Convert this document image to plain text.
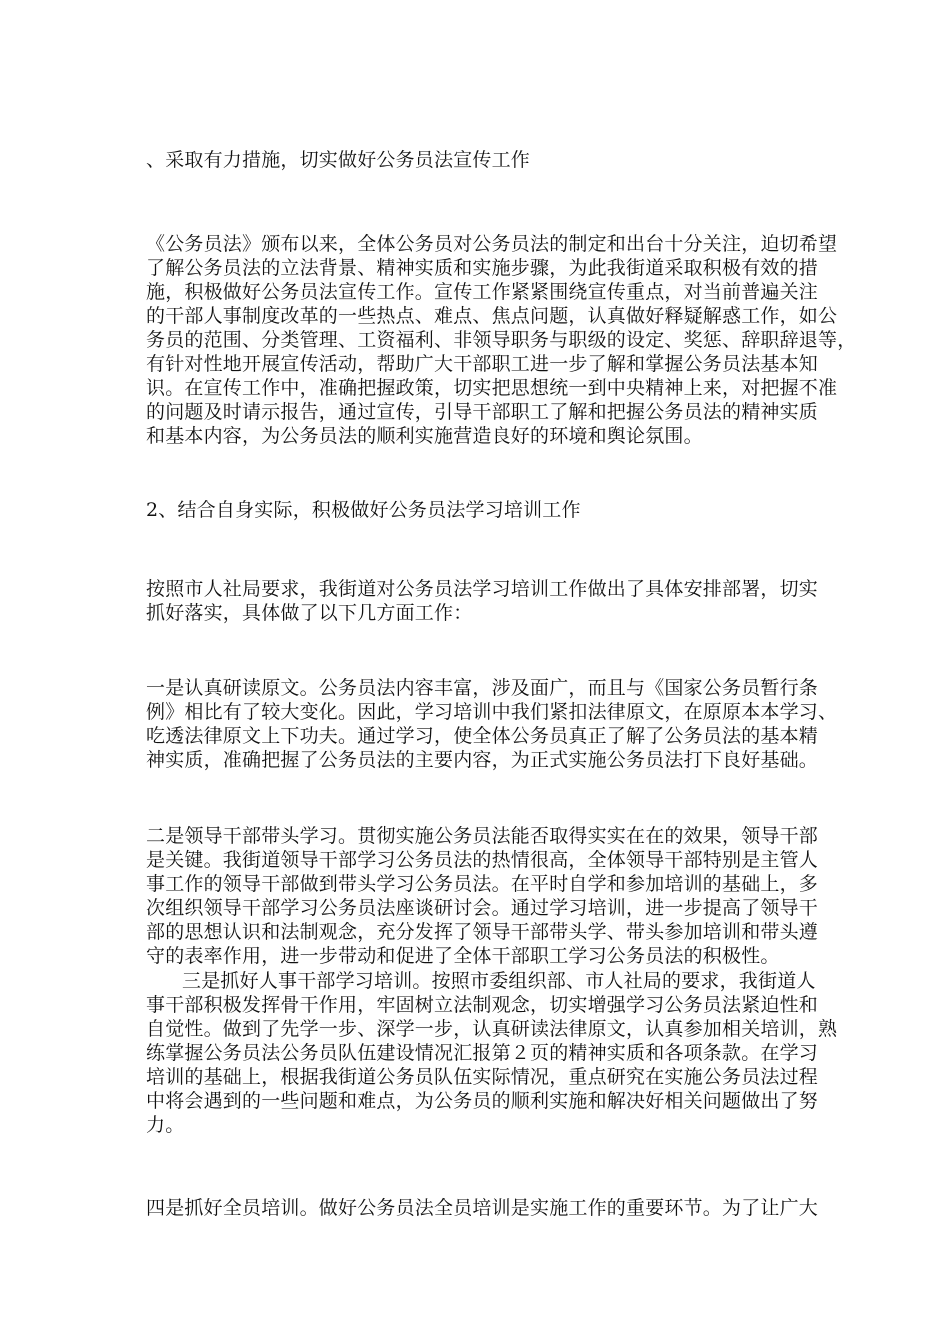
、采取有力措施，切实做好公务员法宣传工作
《公务员法》颁布以来，全体公务员对公务员法的制定和出台十分关注，迫切希望
了解公务员法的立法背景、精神实质和实施步骤，为此我街道采取积极有效的措
施，积极做好公务员法宣传工作。宣传工作紧紧围绕宣传重点，对当前普遍关注
的干部人事制度改革的一些热点、难点、焦点问题，认真做好释疑解惑工作，如公
务员的范围、分类管理、工资福利、非领导职务与职级的设定、奖惩、辞职辞退等，
有针对性地开展宣传活动，帮助广大干部职工进一步了解和掌握公务员法基本知
识。在宣传工作中，准确把握政策，切实把思想统一到中央精神上来，对把握不准
的问题及时请示报告，通过宣传，引导干部职工了解和把握公务员法的精神实质
和基本内容，为公务员法的顺利实施营造良好的环境和舆论氛围。
2、结合自身实际，积极做好公务员法学习培训工作
按照市人社局要求，我街道对公务员法学习培训工作做出了具体安排部署，切实
抓好落实，具体做了以下几方面工作：
一是认真研读原文。公务员法内容丰富，涉及面广，而且与《国家公务员暂行条
例》相比有了较大变化。因此，学习培训中我们紧扣法律原文，在原原本本学习、
吃透法律原文上下功夫。通过学习，使全体公务员真正了解了公务员法的基本精
神实质，准确把握了公务员法的主要内容，为正式实施公务员法打下良好基础。
二是领导干部带头学习。贯彻实施公务员法能否取得实实在在的效果，领导干部
是关键。我街道领导干部学习公务员法的热情很高，全体领导干部特别是主管人
事工作的领导干部做到带头学习公务员法。在平时自学和参加培训的基础上，多
次组织领导干部学习公务员法座谈研讨会。通过学习培训，进一步提高了领导干
部的思想认识和法制观念，充分发挥了领导干部带头学、带头参加培训和带头遵
守的表率作用，进一步带动和促进了全体干部职工学习公务员法的积极性。
三是抓好人事干部学习培训。按照市委组织部、市人社局的要求，我街道人
事干部积极发挥骨干作用，牢固树立法制观念，切实增强学习公务员法紧迫性和
自觉性。做到了先学一步、深学一步，认真研读法律原文，认真参加相关培训，熟
练掌握公务员法公务员队伍建设情况汇报第２页的精神实质和各项条款。在学习
培训的基础上，根据我街道公务员队伍实际情况，重点研究在实施公务员法过程
中将会遇到的一些问题和难点，为公务员的顺利实施和解决好相关问题做出了努
力。
四是抓好全员培训。做好公务员法全员培训是实施工作的重要环节。为了让广大
